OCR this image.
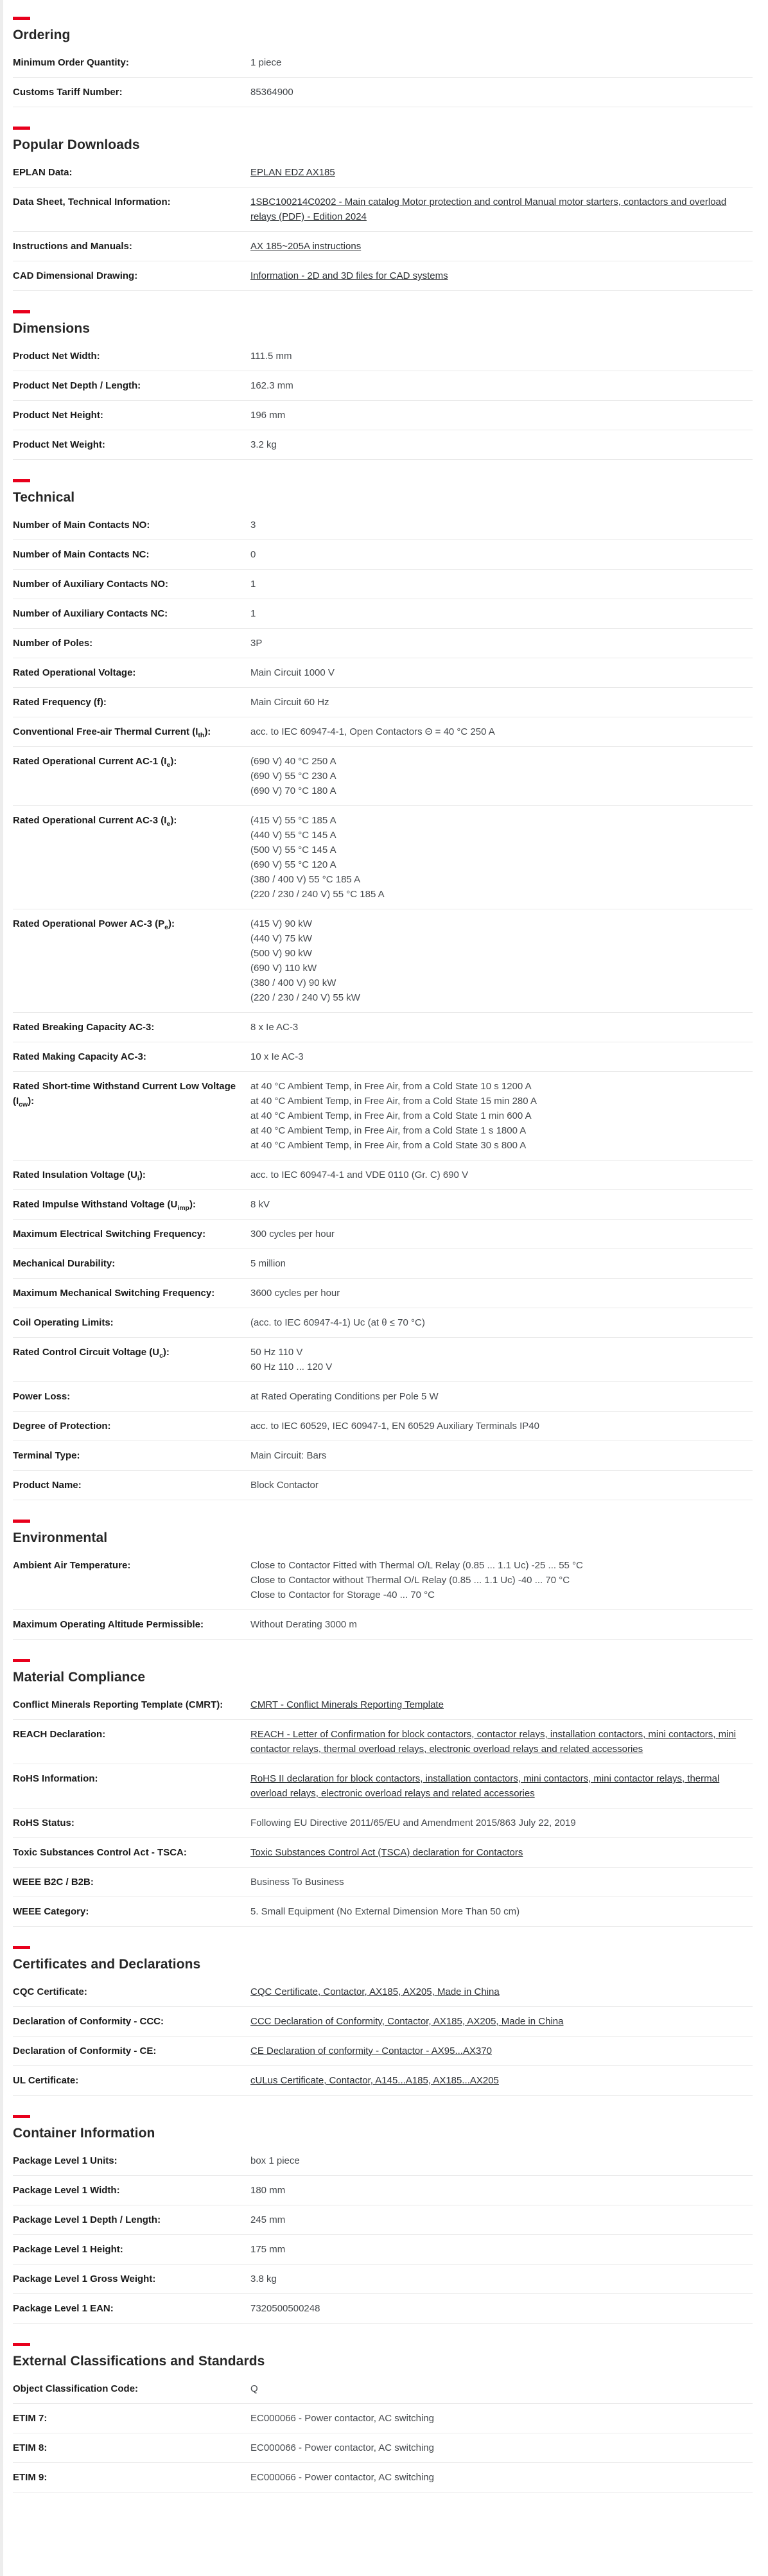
Ordering
Minimum Order Quantity:	1 piece
Customs Tariff Number:	85364900
Popular Downloads
EPLAN Data:	EPLAN EDZ AX185
Data Sheet, Technical Information:	1SBC100214C0202 - Main catalog Motor protection and control Manual motor starters, contactors and overload relays (PDF) - Edition 2024
Instructions and Manuals:	AX 185~205A instructions
CAD Dimensional Drawing:	Information - 2D and 3D files for CAD systems
Dimensions
Product Net Width:	111.5 mm
Product Net Depth / Length:	162.3 mm
Product Net Height:	196 mm
Product Net Weight:	3.2 kg
Technical
Number of Main Contacts NO:	3
Number of Main Contacts NC:	0
Number of Auxiliary Contacts NO:	1
Number of Auxiliary Contacts NC:	1
Number of Poles:	3P
Rated Operational Voltage:	Main Circuit 1000 V
Rated Frequency (f):	Main Circuit 60 Hz
Conventional Free-air Thermal Current $(I_{th})$:	acc. to IEC 60947-4-1, Open Contactors Θ = 40 °C 250 A
Rated Operational Current AC-1 $(I_e)$:	(690 V) 40 °C 250 A
(690 V) 55 °C 230 A
(690 V) 70 °C 180 A
Rated Operational Current AC-3 $(I_e)$:	(415 V) 55 °C 185 A
(440 V) 55 °C 145 A
(500 V) 55 °C 145 A
(690 V) 55 °C 120 A
(380 / 400 V) 55 °C 185 A
(220 / 230 / 240 V) 55 °C 185 A
Rated Operational Power AC-3 $(P_e)$:	(415 V) 90 kW
(440 V) 75 kW
(500 V) 90 kW
(690 V) 110 kW
(380 / 400 V) 90 kW
(220 / 230 / 240 V) 55 kW
Rated Breaking Capacity AC-3:	8 x Ie AC-3
Rated Making Capacity AC-3:	10 x Ie AC-3
Rated Short-time Withstand Current Low Voltage $(I_{cw})$:
at 40 °C Ambient Temp, in Free Air, from a Cold State 10 s 1200 A
at 40 °C Ambient Temp, in Free Air, from a Cold State 15 min 280 A
at 40 °C Ambient Temp, in Free Air, from a Cold State 1 min 600 A
at 40 °C Ambient Temp, in Free Air, from a Cold State 1 s 1800 A
at 40 °C Ambient Temp, in Free Air, from a Cold State 30 s 800 A
Rated Insulation Voltage $(U_i)$:	acc. to IEC 60947-4-1 and VDE 0110 (Gr. C) 690 V
Rated Impulse Withstand Voltage $(U_{imp})$:	8 kV
Maximum Electrical Switching Frequency:	300 cycles per hour
Mechanical Durability:	5 million
Maximum Mechanical Switching Frequency:	3600 cycles per hour
Coil Operating Limits:	(acc. to IEC 60947-4-1) Uc (at θ ≤ 70 °C)
Rated Control Circuit Voltage $(U_c)$:	50 Hz 110 V
60 Hz 110 ... 120 V
Power Loss:	at Rated Operating Conditions per Pole 5 W
Degree of Protection:	acc. to IEC 60529, IEC 60947-1, EN 60529 Auxiliary Terminals IP40
Terminal Type:	Main Circuit: Bars
Product Name:	Block Contactor
Environmental
Ambient Air Temperature:	Close to Contactor Fitted with Thermal O/L Relay (0.85 ... 1.1 Uc) -25 ... 55 °C
Close to Contactor without Thermal O/L Relay (0.85 ... 1.1 Uc) -40 ... 70 °C
Close to Contactor for Storage -40 ... 70 °C
Maximum Operating Altitude Permissible:	Without Derating 3000 m
Material Compliance
Conflict Minerals Reporting Template (CMRT):	CMRT - Conflict Minerals Reporting Template
REACH Declaration:	REACH - Letter of Confirmation for block contactors, contactor relays, installation contactors, mini contactors, mini contactor relays, thermal overload relays, electronic overload relays and related accessories
RoHS Information:	RoHS II declaration for block contactors, installation contactors, mini contactors, mini contactor relays, thermal overload relays, electronic overload relays and related accessories
RoHS Status:	Following EU Directive 2011/65/EU and Amendment 2015/863 July 22, 2019
Toxic Substances Control Act - TSCA:	Toxic Substances Control Act (TSCA) declaration for Contactors
WEEE B2C / B2B:	Business To Business
WEEE Category:	5. Small Equipment (No External Dimension More Than 50 cm)
Certificates and Declarations
CQC Certificate:	CQC Certificate, Contactor, AX185, AX205, Made in China
Declaration of Conformity - CCC:	CCC Declaration of Conformity, Contactor, AX185, AX205, Made in China
Declaration of Conformity - CE:	CE Declaration of conformity - Contactor - AX95...AX370
UL Certificate:	cULus Certificate, Contactor, A145...A185, AX185...AX205
Container Information
Package Level 1 Units:	box 1 piece
Package Level 1 Width:	180 mm
Package Level 1 Depth / Length:	245 mm
Package Level 1 Height:	175 mm
Package Level 1 Gross Weight:	3.8 kg
Package Level 1 EAN:	7320500500248
External Classifications and Standards
Object Classification Code:	Q
ETIM 7:	EC000066 - Power contactor, AC switching
ETIM 8:	EC000066 - Power contactor, AC switching
ETIM 9:	EC000066 - Power contactor, AC switching
